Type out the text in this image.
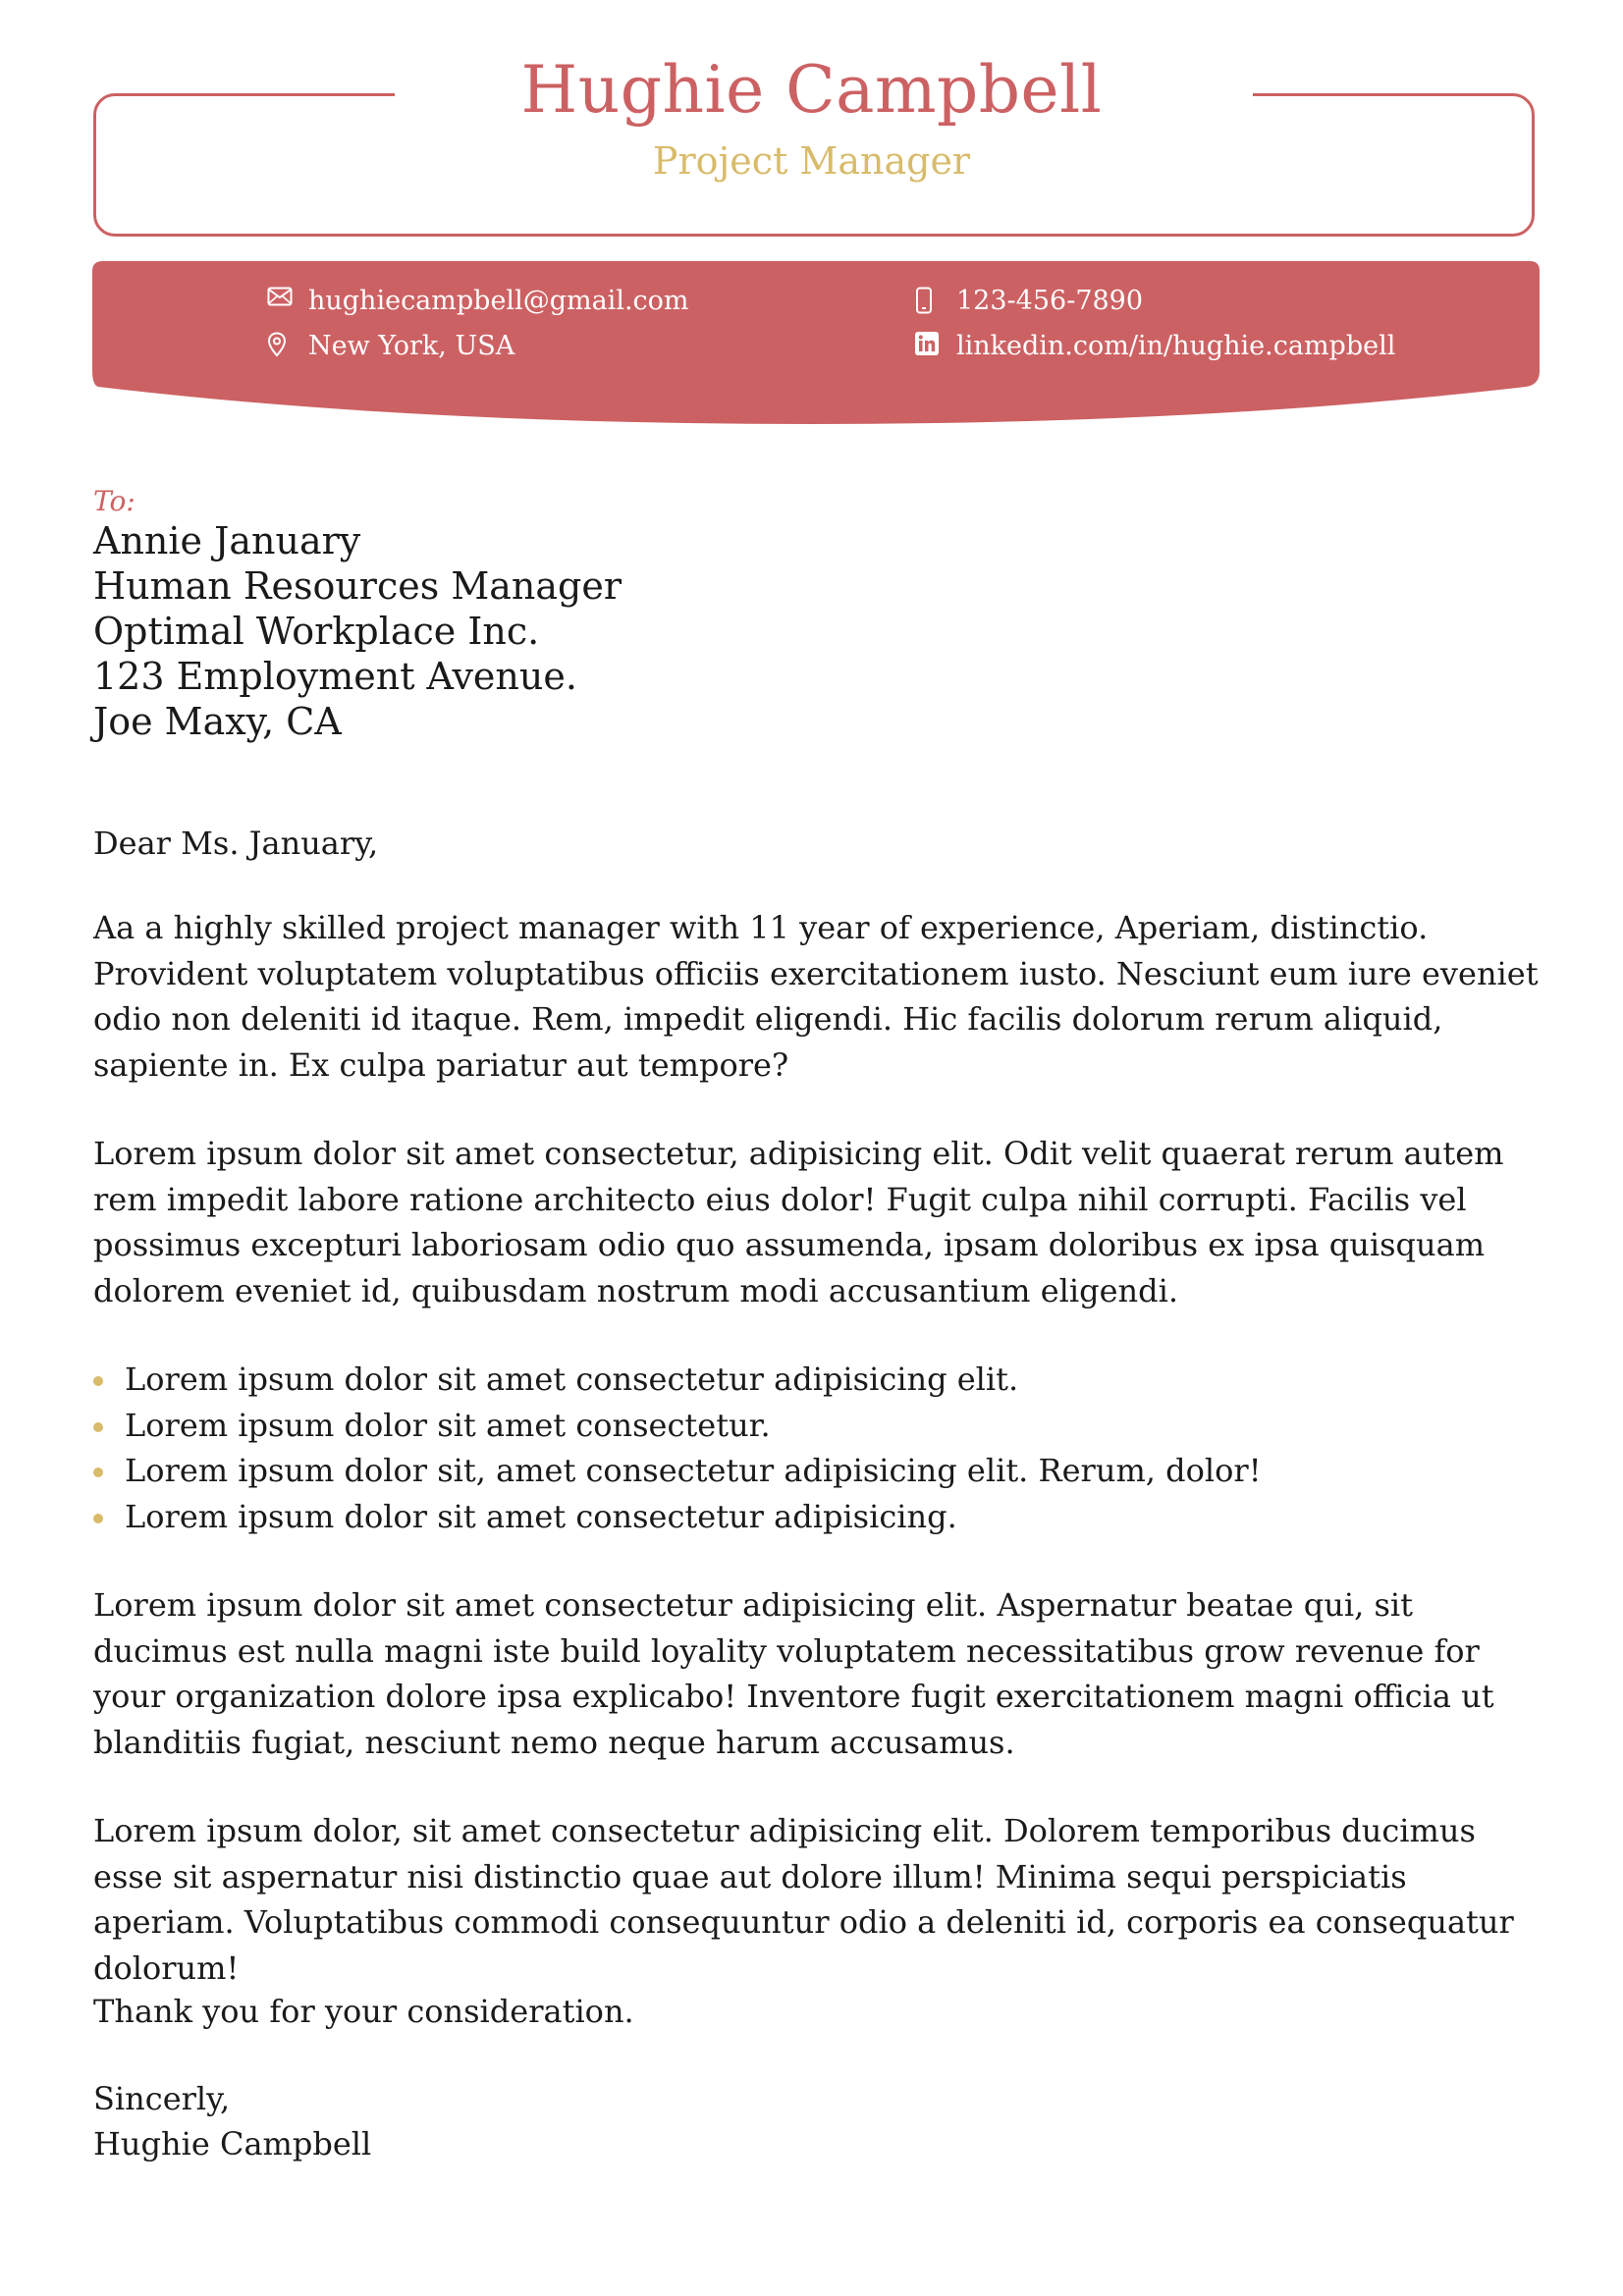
Hughie Campbell
Project Manager
hughiecampbell@gmail.com
New York, USA
123-456-7890
linkedin.com/in/hughie.campbell
To:
Annie January
Human Resources Manager
Optimal Workplace Inc.
123 Employment Avenue.
Joe Maxy, CA
Dear Ms. January,
Aa a highly skilled project manager with 11 year of experience, Aperiam, distinctio. Provident voluptatem voluptatibus officiis exercitationem iusto. Nesciunt eum iure eveniet odio non deleniti id itaque. Rem, impedit eligendi. Hic facilis dolorum rerum aliquid, sapiente in. Ex culpa pariatur aut tempore?
Lorem ipsum dolor sit amet consectetur, adipisicing elit. Odit velit quaerat rerum autem rem impedit labore ratione architecto eius dolor! Fugit culpa nihil corrupti. Facilis vel possimus excepturi laboriosam odio quo assumenda, ipsam doloribus ex ipsa quisquam dolorem eveniet id, quibusdam nostrum modi accusantium eligendi.
Lorem ipsum dolor sit amet consectetur adipisicing elit.
Lorem ipsum dolor sit amet consectetur.
Lorem ipsum dolor sit, amet consectetur adipisicing elit. Rerum, dolor!
Lorem ipsum dolor sit amet consectetur adipisicing.
Lorem ipsum dolor sit amet consectetur adipisicing elit. Aspernatur beatae qui, sit ducimus est nulla magni iste build loyality voluptatem necessitatibus grow revenue for your organization dolore ipsa explicabo! Inventore fugit exercitationem magni officia ut blanditiis fugiat, nesciunt nemo neque harum accusamus.
Lorem ipsum dolor, sit amet consectetur adipisicing elit. Dolorem temporibus ducimus esse sit aspernatur nisi distinctio quae aut dolore illum! Minima sequi perspiciatis aperiam. Voluptatibus commodi consequuntur odio a deleniti id, corporis ea consequatur dolorum!
Thank you for your consideration.
Sincerly,
Hughie Campbell
